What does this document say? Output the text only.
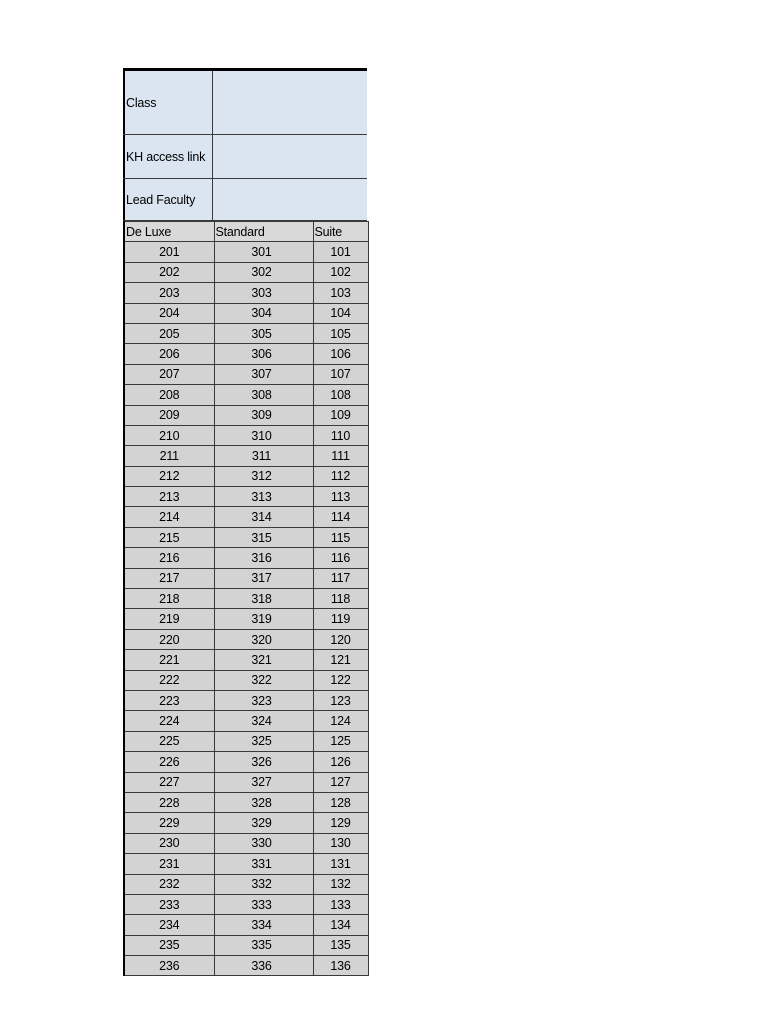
Class
KH access link
Lead Faculty
De Luxe	Standard	Suite
201	301	101
202	302	102
203	303	103
204	304	104
205	305	105
206	306	106
207	307	107
208	308	108
209	309	109
210	310	110
211	311	111
212	312	112
213	313	113
214	314	114
215	315	115
216	316	116
217	317	117
218	318	118
219	319	119
220	320	120
221	321	121
222	322	122
223	323	123
224	324	124
225	325	125
226	326	126
227	327	127
228	328	128
229	329	129
230	330	130
231	331	131
232	332	132
233	333	133
234	334	134
235	335	135
236	336	136
